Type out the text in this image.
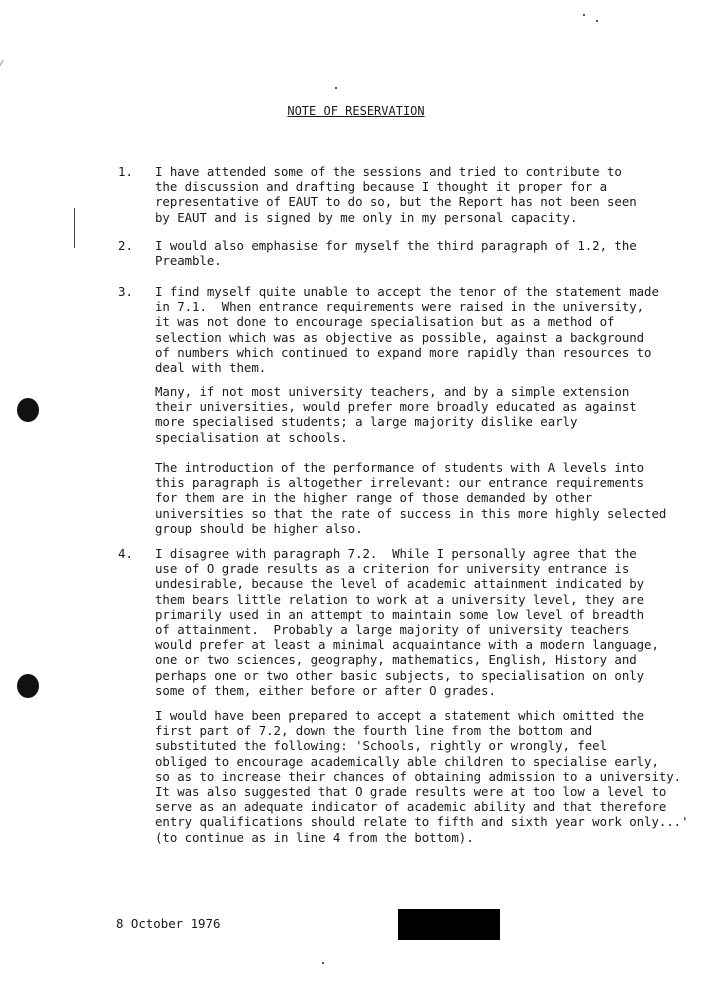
NOTE OF RESERVATION
1. I have attended some of the sessions and tried to contribute to
the discussion and drafting because I thought it proper for a
representative of EAUT to do so, but the Report has not been seen
by EAUT and is signed by me only in my personal capacity.
2. I would also emphasise for myself the third paragraph of 1.2, the
Preamble.
3. I find myself quite unable to accept the tenor of the statement made
in 7.1.  When entrance requirements were raised in the university,
it was not done to encourage specialisation but as a method of
selection which was as objective as possible, against a background
of numbers which continued to expand more rapidly than resources to
deal with them.
Many, if not most university teachers, and by a simple extension
their universities, would prefer more broadly educated as against
more specialised students; a large majority dislike early
specialisation at schools.
The introduction of the performance of students with A levels into
this paragraph is altogether irrelevant: our entrance requirements
for them are in the higher range of those demanded by other
universities so that the rate of success in this more highly selected
group should be higher also.
4. I disagree with paragraph 7.2.  While I personally agree that the
use of O grade results as a criterion for university entrance is
undesirable, because the level of academic attainment indicated by
them bears little relation to work at a university level, they are
primarily used in an attempt to maintain some low level of breadth
of attainment.  Probably a large majority of university teachers
would prefer at least a minimal acquaintance with a modern language,
one or two sciences, geography, mathematics, English, History and
perhaps one or two other basic subjects, to specialisation on only
some of them, either before or after O grades.
I would have been prepared to accept a statement which omitted the
first part of 7.2, down the fourth line from the bottom and
substituted the following: 'Schools, rightly or wrongly, feel
obliged to encourage academically able children to specialise early,
so as to increase their chances of obtaining admission to a university.
It was also suggested that O grade results were at too low a level to
serve as an adequate indicator of academic ability and that therefore
entry qualifications should relate to fifth and sixth year work only...'
(to continue as in line 4 from the bottom).
8 October 1976
